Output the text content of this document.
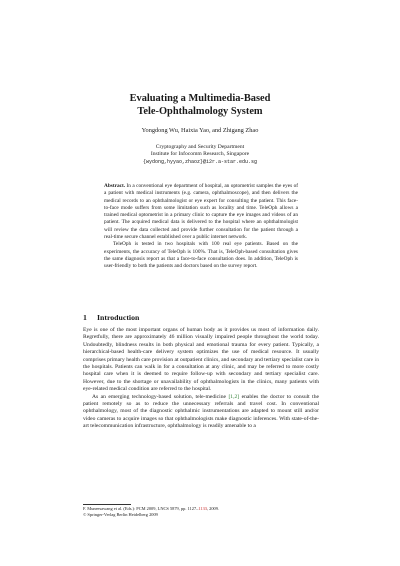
Evaluating a Multimedia-Based
Tele-Ophthalmology System

Yongdong Wu, Haixia Yao, and Zhigang Zhao

Cryptography and Security Department
Institute for Infocomm Research, Singapore
{wydong,hyyao,zhaoz}@i2r.a-star.edu.sg

Abstract. In a conventional eye department of hospital, an optometrist samples the eyes of a patient with medical instruments (e.g. camera, ophthalmoscope), and then delivers the medical records to an ophthalmologist or eye expert for consulting the patient. This face-to-face mode suffers from some limitation such as locality and time. TeleOph allows a trained medical optometrist in a primary clinic to capture the eye images and videos of an patient. The acquired medical data is delivered to the hospital where an ophthalmologist will review the data collected and provide further consultation for the patient through a real-time secure channel established over a public internet network.

TeleOph is tested in two hospitals with 100 real eye patients. Based on the experiments, the accuracy of TeleOph is 100%. That is, TeleOph-based consultation gives the same diagnosis report as that a face-to-face consultation does. In addition, TeleOph is user-friendly to both the patients and doctors based on the survey report.

1 Introduction

Eye is one of the most important organs of human body as it provides us most of information daily. Regretfully, there are approximately 46 million visually impaired people throughout the world today. Undoubtedly, blindness results in both physical and emotional trauma for every patient. Typically, a hierarchical-based health-care delivery system optimizes the use of medical resource. It usually comprises primary health care provision at outpatient clinics, and secondary and tertiary specialist care in the hospitals. Patients can walk in for a consultation at any clinic, and may be referred to more costly hospital care when it is deemed to require follow-up with secondary and tertiary specialist care. However, due to the shortage or unavailability of ophthalmologists in the clinics, many patients with eye-related medical condition are referred to the hospital.

As an emerging technology-based solution, tele-medicine [1,2] enables the doctor to consult the patient remotely so as to reduce the unnecessary referrals and travel cost. In conventional ophthalmology, most of the diagnostic ophthalmic instrumentations are adapted to mount still and/or video cameras to acquire images so that ophthalmologists make diagnostic inferences. With state-of-the-art telecommunication infrastructure, ophthalmology is readily amenable to a

F. Muneesawang et al. (Eds.): PCM 2009, LNCS 5879, pp. 1127–1133, 2009.
© Springer-Verlag Berlin Heidelberg 2009
